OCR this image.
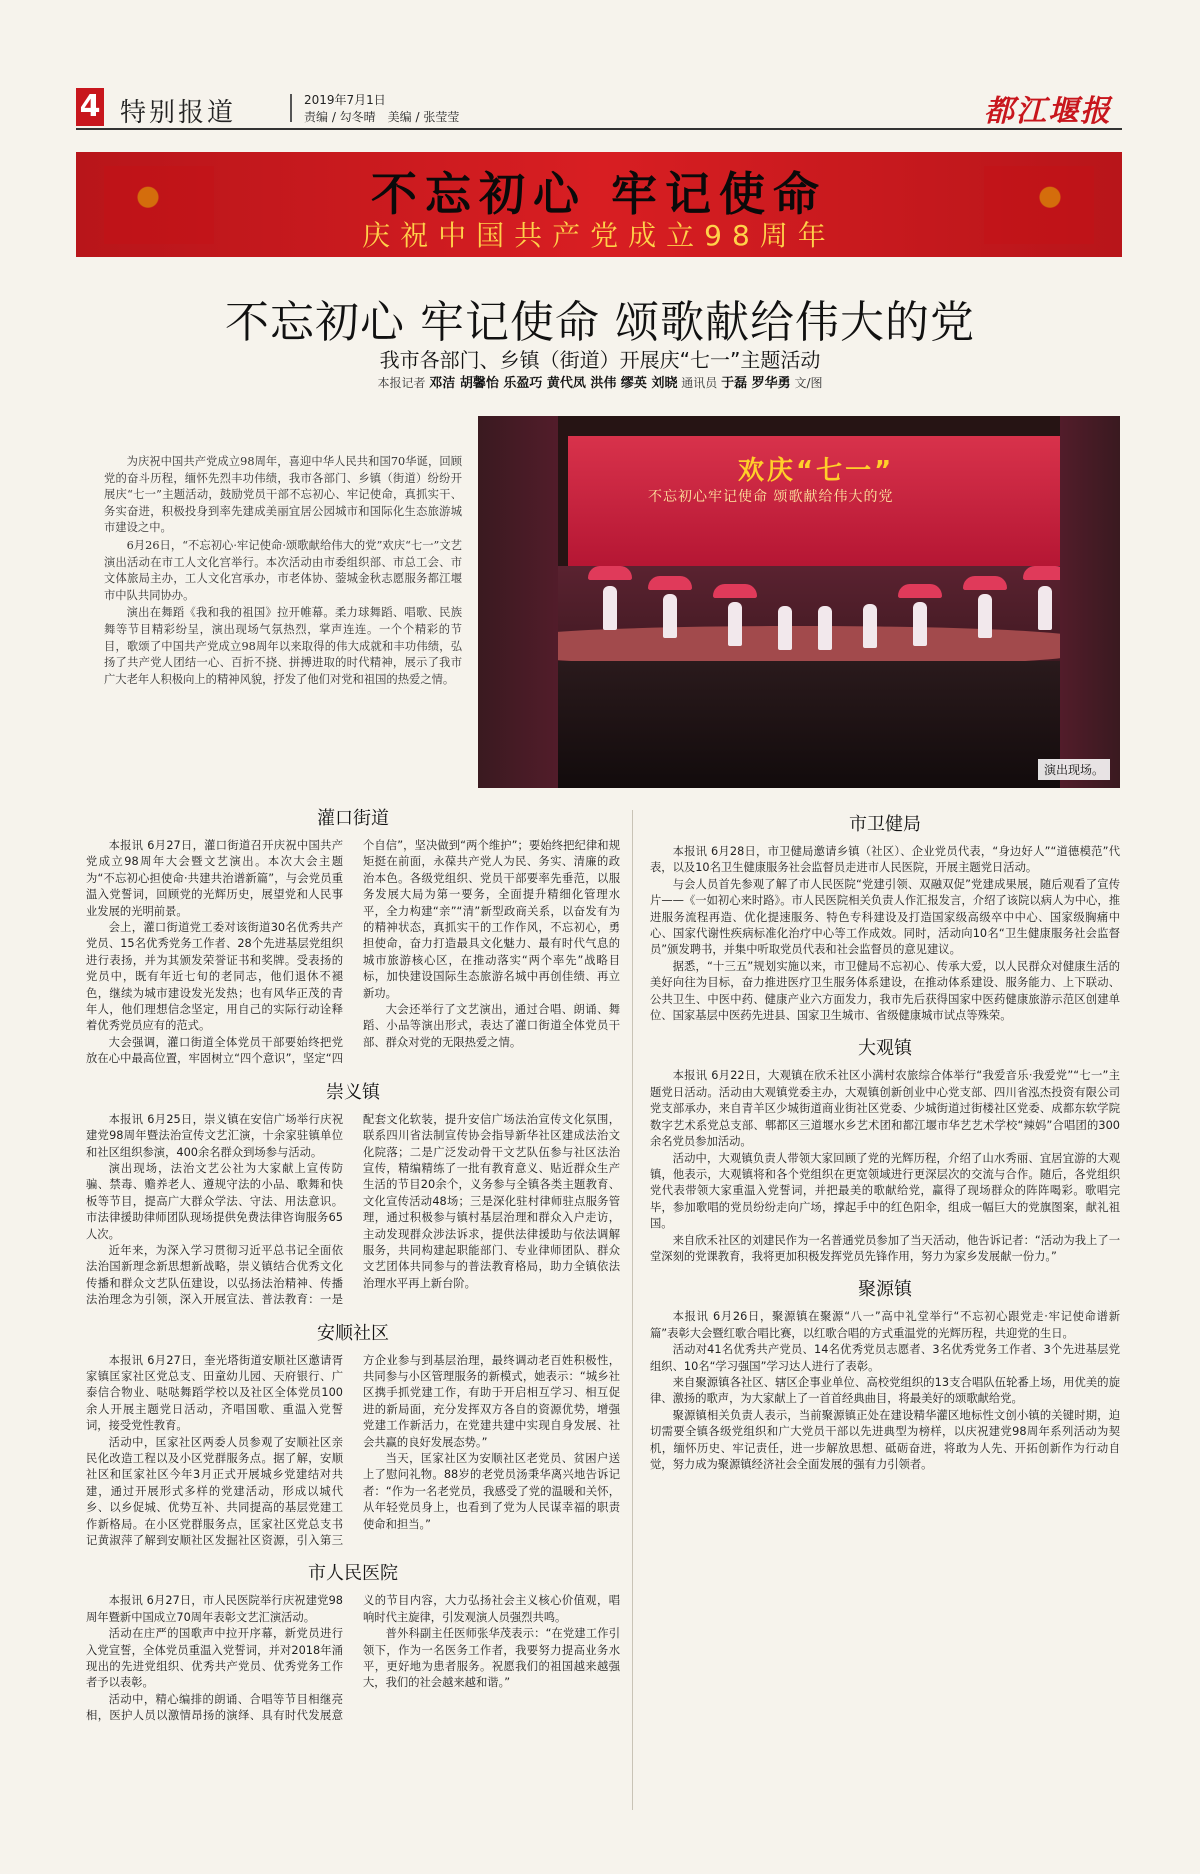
4 特别报道	2019年7月1日
责编 / 勾冬晴　美编 / 张莹莹	都江堰报
不忘初心 牢记使命
庆祝中国共产党成立98周年
不忘初心 牢记使命 颂歌献给伟大的党
我市各部门、乡镇（街道）开展庆“七一”主题活动
本报记者 邓洁 胡馨怡 乐盈巧 黄代凤 洪伟 缪英 刘晓 通讯员 于磊 罗华勇 文/图

为庆祝中国共产党成立98周年，喜迎中华人民共和国70华诞，回顾党的奋斗历程，缅怀先烈丰功伟绩，我市各部门、乡镇（街道）纷纷开展庆“七一”主题活动，鼓励党员干部不忘初心、牢记使命，真抓实干、务实奋进，积极投身到率先建成美丽宜居公园城市和国际化生态旅游城市建设之中。

6月26日，“不忘初心·牢记使命·颂歌献给伟大的党”欢庆“七一”文艺演出活动在市工人文化宫举行。本次活动由市委组织部、市总工会、市文体旅局主办，工人文化宫承办，市老体协、蓥城金秋志愿服务都江堰市中队共同协办。

演出在舞蹈《我和我的祖国》拉开帷幕。柔力球舞蹈、唱歌、民族舞等节目精彩纷呈，演出现场气氛热烈，掌声连连。一个个精彩的节目，歌颂了中国共产党成立98周年以来取得的伟大成就和丰功伟绩，弘扬了共产党人团结一心、百折不挠、拼搏进取的时代精神，展示了我市广大老年人积极向上的精神风貌，抒发了他们对党和祖国的热爱之情。

欢庆“七一”
不忘初心牢记使命 颂歌献给伟大的党
演出现场。
灌口街道

本报讯 6月27日，灌口街道召开庆祝中国共产党成立98周年大会暨文艺演出。本次大会主题为“不忘初心担使命·共建共治谱新篇”，与会党员重温入党誓词，回顾党的光辉历史，展望党和人民事业发展的光明前景。

会上，灌口街道党工委对该街道30名优秀共产党员、15名优秀党务工作者、28个先进基层党组织进行表扬，并为其颁发荣誉证书和奖牌。受表扬的党员中，既有年近七旬的老同志，他们退休不褪色，继续为城市建设发光发热；也有风华正茂的青年人，他们理想信念坚定，用自己的实际行动诠释着优秀党员应有的范式。

大会强调，灌口街道全体党员干部要始终把党放在心中最高位置，牢固树立“四个意识”，坚定“四个自信”，坚决做到“两个维护”；要始终把纪律和规矩挺在前面，永葆共产党人为民、务实、清廉的政治本色。各级党组织、党员干部要率先垂范，以服务发展大局为第一要务，全面提升精细化管理水平，全力构建“亲”“清”新型政商关系，以奋发有为的精神状态，真抓实干的工作作风，不忘初心，勇担使命，奋力打造最具文化魅力、最有时代气息的城市旅游核心区，在推动落实“两个率先”战略目标，加快建设国际生态旅游名城中再创佳绩、再立新功。

大会还举行了文艺演出，通过合唱、朗诵、舞蹈、小品等演出形式，表达了灌口街道全体党员干部、群众对党的无限热爱之情。

崇义镇

本报讯 6月25日，崇义镇在安信广场举行庆祝建党98周年暨法治宣传文艺汇演，十余家驻镇单位和社区组织参演，400余名群众到场参与活动。

演出现场，法治文艺公社为大家献上宣传防骗、禁毒、赡养老人、遵规守法的小品、歌舞和快板等节目，提高广大群众学法、守法、用法意识。市法律援助律师团队现场提供免费法律咨询服务65人次。

近年来，为深入学习贯彻习近平总书记全面依法治国新理念新思想新战略，崇义镇结合优秀文化传播和群众文艺队伍建设，以弘扬法治精神、传播法治理念为引领，深入开展宣法、普法教育：一是配套文化软装，提升安信广场法治宣传文化氛围，联系四川省法制宣传协会指导新华社区建成法治文化院落；二是广泛发动骨干文艺队伍参与社区法治宣传，精编精练了一批有教育意义、贴近群众生产生活的节目20余个，义务参与全镇各类主题教育、文化宣传活动48场；三是深化驻村律师驻点服务管理，通过积极参与镇村基层治理和群众入户走访，主动发现群众涉法诉求，提供法律援助与依法调解服务，共同构建起职能部门、专业律师团队、群众文艺团体共同参与的普法教育格局，助力全镇依法治理水平再上新台阶。

安顺社区

本报讯 6月27日，奎光塔街道安顺社区邀请胥家镇匡家社区党总支、田童幼儿园、天府银行、广泰信合物业、哒哒舞蹈学校以及社区全体党员100余人开展主题党日活动，齐唱国歌、重温入党誓词，接受党性教育。

活动中，匡家社区两委人员参观了安顺社区亲民化改造工程以及小区党群服务点。据了解，安顺社区和匡家社区今年3月正式开展城乡党建结对共建，通过开展形式多样的党建活动，形成以城代乡、以乡促城、优势互补、共同提高的基层党建工作新格局。在小区党群服务点，匡家社区党总支书记黄淑萍了解到安顺社区发掘社区资源，引入第三方企业参与到基层治理，最终调动老百姓积极性，共同参与小区管理服务的新模式，她表示：“城乡社区携手抓党建工作，有助于开启相互学习、相互促进的新局面，充分发挥双方各自的资源优势，增强党建工作新活力，在党建共建中实现自身发展、社会共赢的良好发展态势。”

当天，匡家社区为安顺社区老党员、贫困户送上了慰问礼物。88岁的老党员汤秉华离兴地告诉记者：“作为一名老党员，我感受了党的温暖和关怀，从年轻党员身上，也看到了党为人民谋幸福的职责使命和担当。”

市人民医院

本报讯 6月27日，市人民医院举行庆祝建党98周年暨新中国成立70周年表彰文艺汇演活动。

活动在庄严的国歌声中拉开序幕，新党员进行入党宣誓，全体党员重温入党誓词，并对2018年涌现出的先进党组织、优秀共产党员、优秀党务工作者予以表彰。

活动中，精心编排的朗诵、合唱等节目相继亮相，医护人员以激情昂扬的演绎、具有时代发展意义的节目内容，大力弘扬社会主义核心价值观，唱响时代主旋律，引发观演人员强烈共鸣。

普外科副主任医师张华茂表示：“在党建工作引领下，作为一名医务工作者，我要努力提高业务水平，更好地为患者服务。祝愿我们的祖国越来越强大，我们的社会越来越和谐。”

市卫健局

本报讯 6月28日，市卫健局邀请乡镇（社区）、企业党员代表，“身边好人”“道德模范”代表，以及10名卫生健康服务社会监督员走进市人民医院，开展主题党日活动。

与会人员首先参观了解了市人民医院“党建引领、双融双促”党建成果展，随后观看了宣传片——《一如初心来时路》。市人民医院相关负责人作汇报发言，介绍了该院以病人为中心，推进服务流程再造、优化提速服务、特色专科建设及打造国家级高级卒中中心、国家级胸痛中心、国家代谢性疾病标准化治疗中心等工作成效。同时，活动向10名“卫生健康服务社会监督员”颁发聘书，并集中听取党员代表和社会监督员的意见建议。

据悉，“十三五”规划实施以来，市卫健局不忘初心、传承大爱，以人民群众对健康生活的美好向往为目标，奋力推进医疗卫生服务体系建设，在推动体系建设、服务能力、上下联动、公共卫生、中医中药、健康产业六方面发力，我市先后获得国家中医药健康旅游示范区创建单位、国家基层中医药先进县、国家卫生城市、省级健康城市试点等殊荣。

大观镇

本报讯 6月22日，大观镇在欣禾社区小满村农旅综合体举行“我爱音乐·我爱党”“七一”主题党日活动。活动由大观镇党委主办，大观镇创新创业中心党支部、四川省泓杰投资有限公司党支部承办，来自青羊区少城街道商业街社区党委、少城街道过街楼社区党委、成都东软学院数字艺术系党总支部、郫都区三道堰水乡艺术团和都江堰市华艺艺术学校“辣妈”合唱团的300余名党员参加活动。

活动中，大观镇负责人带领大家回顾了党的光辉历程，介绍了山水秀丽、宜居宜游的大观镇，他表示，大观镇将和各个党组织在更宽领域进行更深层次的交流与合作。随后，各党组织党代表带领大家重温入党誓词，并把最美的歌献给党，赢得了现场群众的阵阵喝彩。歌唱完毕，参加歌唱的党员纷纷走向广场，撑起手中的红色阳伞，组成一幅巨大的党旗图案，献礼祖国。

来自欣禾社区的刘建民作为一名普通党员参加了当天活动，他告诉记者：“活动为我上了一堂深刻的党课教育，我将更加积极发挥党员先锋作用，努力为家乡发展献一份力。”

聚源镇

本报讯 6月26日，聚源镇在聚源“八一”高中礼堂举行“不忘初心跟党走·牢记使命谱新篇”表彰大会暨红歌合唱比赛，以红歌合唱的方式重温党的光辉历程，共迎党的生日。

活动对41名优秀共产党员、14名优秀党员志愿者、3名优秀党务工作者、3个先进基层党组织、10名“学习强国”学习达人进行了表彰。

来自聚源镇各社区、辖区企事业单位、高校党组织的13支合唱队伍轮番上场，用优美的旋律、激扬的歌声，为大家献上了一首首经典曲目，将最美好的颂歌献给党。

聚源镇相关负责人表示，当前聚源镇正处在建设精华灌区地标性文创小镇的关键时期，迫切需要全镇各级党组织和广大党员干部以先进典型为榜样，以庆祝建党98周年系列活动为契机，缅怀历史、牢记责任，进一步解放思想、砥砺奋进，将敢为人先、开拓创新作为行动自觉，努力成为聚源镇经济社会全面发展的强有力引领者。
